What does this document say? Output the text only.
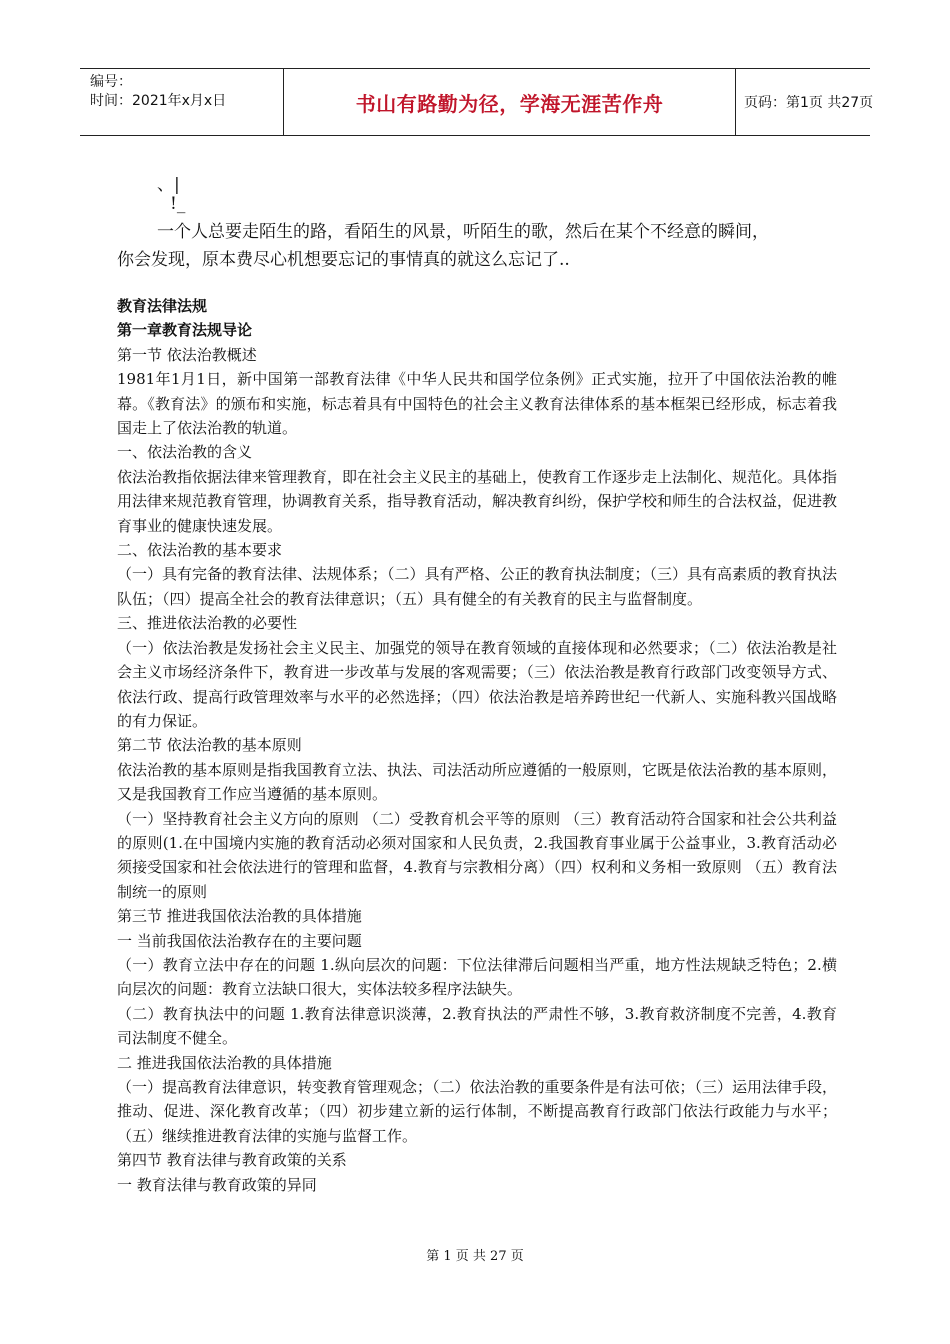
编号：
时间：2021年x月x日	书山有路勤为径，学海无涯苦作舟	页码：第1页 共27页
、|
!_
一个人总要走陌生的路，看陌生的风景，听陌生的歌，然后在某个不经意的瞬间，
你会发现，原本费尽心机想要忘记的事情真的就这么忘记了..

教育法律法规

第一章教育法规导论

第一节 依法治教概述

1981年1月1日，新中国第一部教育法律《中华人民共和国学位条例》正式实施，拉开了中国依法治教的帷幕。《教育法》的颁布和实施，标志着具有中国特色的社会主义教育法律体系的基本框架已经形成，标志着我国走上了依法治教的轨道。

一、依法治教的含义

依法治教指依据法律来管理教育，即在社会主义民主的基础上，使教育工作逐步走上法制化、规范化。具体指用法律来规范教育管理，协调教育关系，指导教育活动，解决教育纠纷，保护学校和师生的合法权益，促进教育事业的健康快速发展。

二、依法治教的基本要求

（一）具有完备的教育法律、法规体系；（二）具有严格、公正的教育执法制度；（三）具有高素质的教育执法队伍；（四）提高全社会的教育法律意识；（五）具有健全的有关教育的民主与监督制度。

三、推进依法治教的必要性

（一）依法治教是发扬社会主义民主、加强党的领导在教育领域的直接体现和必然要求；（二）依法治教是社会主义市场经济条件下，教育进一步改革与发展的客观需要；（三）依法治教是教育行政部门改变领导方式、依法行政、提高行政管理效率与水平的必然选择；（四）依法治教是培养跨世纪一代新人、实施科教兴国战略的有力保证。

第二节 依法治教的基本原则

依法治教的基本原则是指我国教育立法、执法、司法活动所应遵循的一般原则，它既是依法治教的基本原则，又是我国教育工作应当遵循的基本原则。

（一）坚持教育社会主义方向的原则 （二）受教育机会平等的原则 （三）教育活动符合国家和社会公共利益的原则(1.在中国境内实施的教育活动必须对国家和人民负责，2.我国教育事业属于公益事业，3.教育活动必须接受国家和社会依法进行的管理和监督，4.教育与宗教相分离）（四）权利和义务相一致原则 （五）教育法制统一的原则

第三节 推进我国依法治教的具体措施

一 当前我国依法治教存在的主要问题

（一）教育立法中存在的问题 1.纵向层次的问题：下位法律滞后问题相当严重，地方性法规缺乏特色；2.横向层次的问题：教育立法缺口很大，实体法较多程序法缺失。

（二）教育执法中的问题 1.教育法律意识淡薄，2.教育执法的严肃性不够，3.教育救济制度不完善，4.教育司法制度不健全。

二 推进我国依法治教的具体措施

（一）提高教育法律意识，转变教育管理观念；（二）依法治教的重要条件是有法可依；（三）运用法律手段，推动、促进、深化教育改革；（四）初步建立新的运行体制，不断提高教育行政部门依法行政能力与水平；（五）继续推进教育法律的实施与监督工作。

第四节 教育法律与教育政策的关系

一 教育法律与教育政策的异同

第 1 页 共 27 页
